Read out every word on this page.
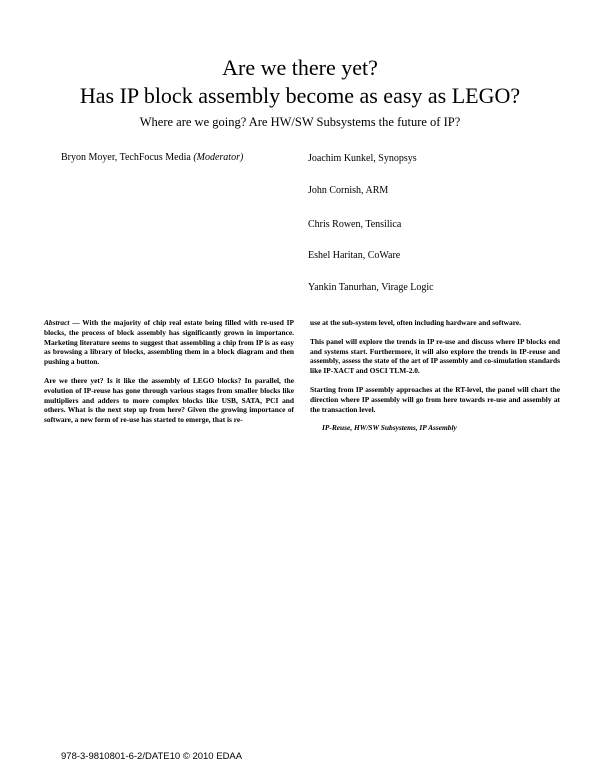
Are we there yet?
Has IP block assembly become as easy as LEGO?

Where are we going? Are HW/SW Subsystems the future of IP?

Bryon Moyer, TechFocus Media (Moderator)	Joachim Kunkel, Synopsys
John Cornish, ARM
Chris Rowen, Tensilica
Eshel Haritan, CoWare
Yankin Tanurhan, Virage Logic

Abstract — With the majority of chip real estate being filled with re-used IP blocks, the process of block assembly has significantly grown in importance. Marketing literature seems to suggest that assembling a chip from IP is as easy as browsing a library of blocks, assembling them in a block diagram and then pushing a button.

Are we there yet? Is it like the assembly of LEGO blocks? In parallel, the evolution of IP-reuse has gone through various stages from smaller blocks like multipliers and adders to more complex blocks like USB, SATA, PCI and others. What is the next step up from here? Given the growing importance of software, a new form of re-use has started to emerge, that is re-

use at the sub-system level, often including hardware and software.

This panel will explore the trends in IP re-use and discuss where IP blocks end and systems start. Furthermore, it will also explore the trends in IP-reuse and assembly, assess the state of the art of IP assembly and co-simulation standards like IP-XACT and OSCI TLM-2.0.

Starting from IP assembly approaches at the RT-level, the panel will chart the direction where IP assembly will go from here towards re-use and assembly at the transaction level.

IP-Reuse, HW/SW Subsystems, IP Assembly

978-3-9810801-6-2/DATE10 © 2010 EDAA
